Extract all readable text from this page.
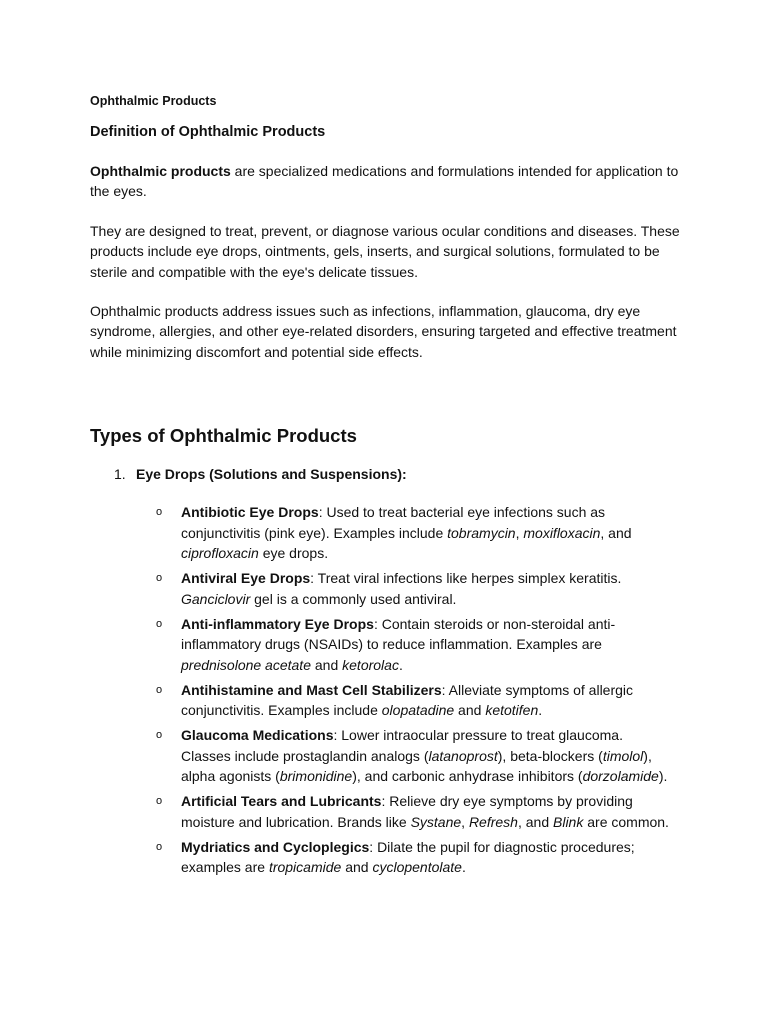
Ophthalmic Products
Definition of Ophthalmic Products

Ophthalmic products are specialized medications and formulations intended for application to the eyes.

They are designed to treat, prevent, or diagnose various ocular conditions and diseases. These products include eye drops, ointments, gels, inserts, and surgical solutions, formulated to be sterile and compatible with the eye's delicate tissues.

Ophthalmic products address issues such as infections, inflammation, glaucoma, dry eye syndrome, allergies, and other eye-related disorders, ensuring targeted and effective treatment while minimizing discomfort and potential side effects.

Types of Ophthalmic Products

1. Eye Drops (Solutions and Suspensions):

o Antibiotic Eye Drops: Used to treat bacterial eye infections such as conjunctivitis (pink eye). Examples include tobramycin, moxifloxacin, and ciprofloxacin eye drops.
o Antiviral Eye Drops: Treat viral infections like herpes simplex keratitis. Ganciclovir gel is a commonly used antiviral.
o Anti-inflammatory Eye Drops: Contain steroids or non-steroidal anti-inflammatory drugs (NSAIDs) to reduce inflammation. Examples are prednisolone acetate and ketorolac.
o Antihistamine and Mast Cell Stabilizers: Alleviate symptoms of allergic conjunctivitis. Examples include olopatadine and ketotifen.
o Glaucoma Medications: Lower intraocular pressure to treat glaucoma. Classes include prostaglandin analogs (latanoprost), beta-blockers (timolol), alpha agonists (brimonidine), and carbonic anhydrase inhibitors (dorzolamide).
o Artificial Tears and Lubricants: Relieve dry eye symptoms by providing moisture and lubrication. Brands like Systane, Refresh, and Blink are common.
o Mydriatics and Cycloplegics: Dilate the pupil for diagnostic procedures; examples are tropicamide and cyclopentolate.
